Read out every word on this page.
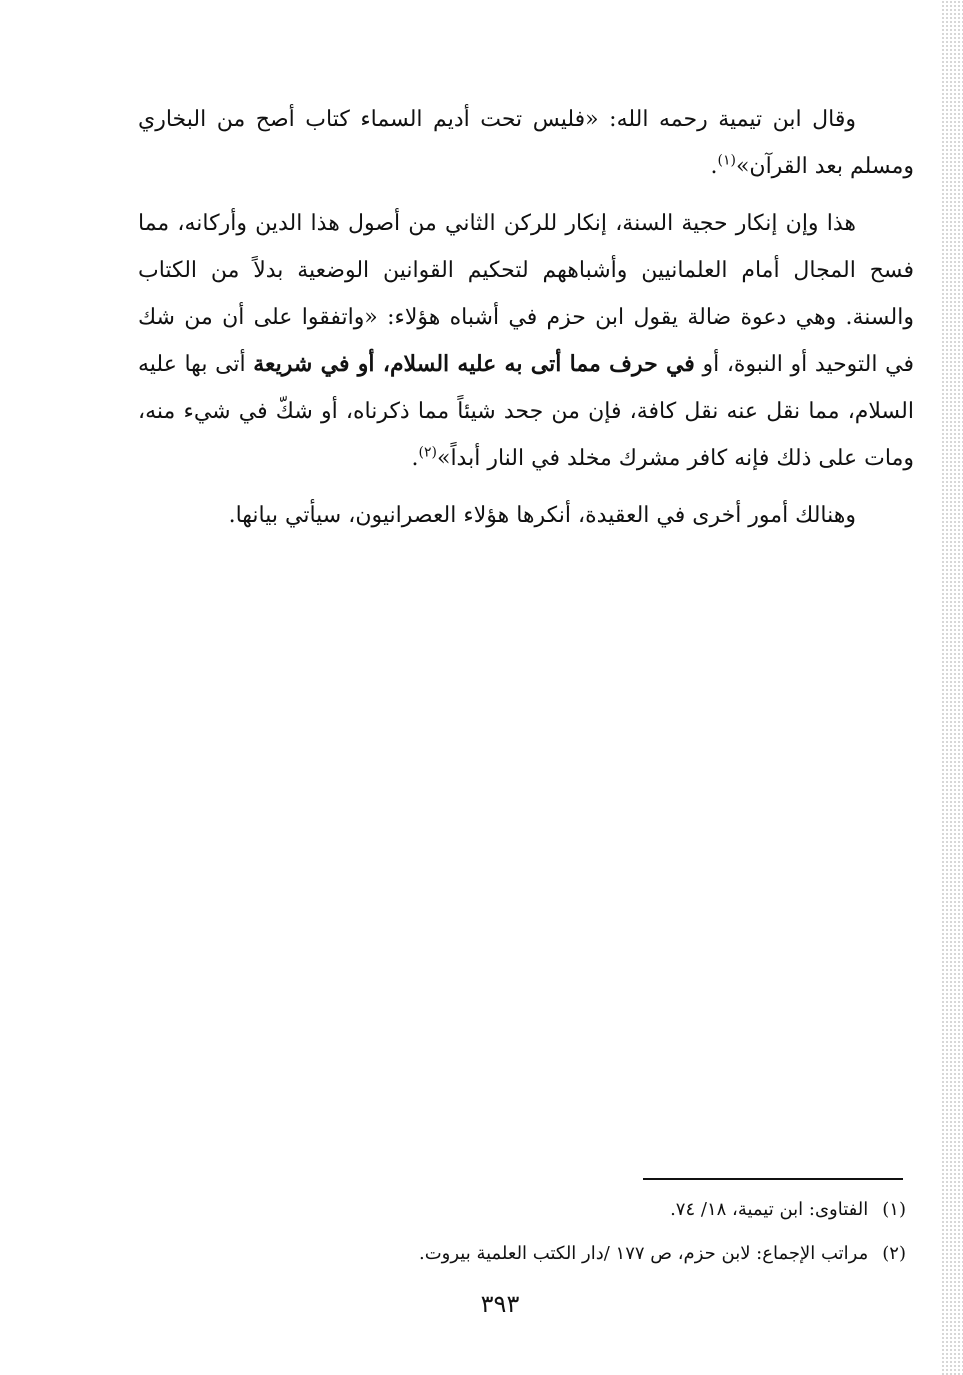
وقال ابن تيمية رحمه الله: «فليس تحت أديم السماء كتاب أصح من البخاري ومسلم بعد القرآن»$^{(١)}$.

هذا وإن إنكار حجية السنة، إنكار للركن الثاني من أصول هذا الدين وأركانه، مما فسح المجال أمام العلمانيين وأشباههم لتحكيم القوانين الوضعية بدلاً من الكتاب والسنة. وهي دعوة ضالة يقول ابن حزم في أشباه هؤلاء: «واتفقوا على أن من شك في التوحيد أو النبوة، أو في حرف مما أتى به عليه السلام، أو في شريعة أتى بها عليه السلام، مما نقل عنه نقل كافة، فإن من جحد شيئاً مما ذكرناه، أو شكّ في شيء منه، ومات على ذلك فإنه كافر مشرك مخلد في النار أبداً»$^{(٢)}$.

وهنالك أمور أخرى في العقيدة، أنكرها هؤلاء العصرانيون، سيأتي بيانها.

(١)الفتاوى: ابن تيمية، ١٨/ ٧٤.

(٢)مراتب الإجماع: لابن حزم، ص ١٧٧ /دار الكتب العلمية بيروت.

٣٩٣
